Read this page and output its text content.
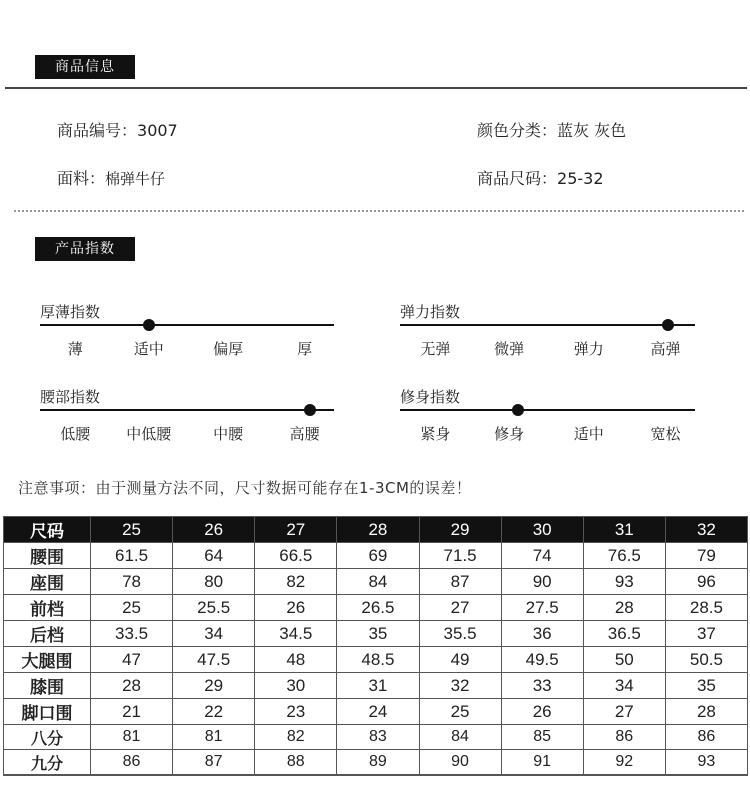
商品信息
商品编号：3007	颜色分类：蓝灰 灰色
面料：棉弹牛仔	商品尺码：25-32
产品指数
厚薄指数
薄	适中	偏厚	厚
弹力指数
无弹	微弹	弹力	高弹
腰部指数
低腰 中低腰	中腰	高腰
修身指数
紧身	修身	适中	宽松
注意事项：由于测量方法不同，尺寸数据可能存在1-3CM的误差！
尺码	25	26	27	28	29	30	31	32
腰围	61.5	64	66.5	69	71.5	74	76.5	79
座围	78	80	82	84	87	90	93	96
前档	25	25.5	26	26.5	27	27.5	28	28.5
后档	33.5	34	34.5	35	35.5	36	36.5	37
大腿围	47	47.5	48	48.5	49	49.5	50	50.5
膝围	28	29	30	31	32	33	34	35
脚口围	21	22	23	24	25	26	27	28
八分	81	81	82	83	84	85	86	86
九分	86	87	88	89	90	91	92	93
